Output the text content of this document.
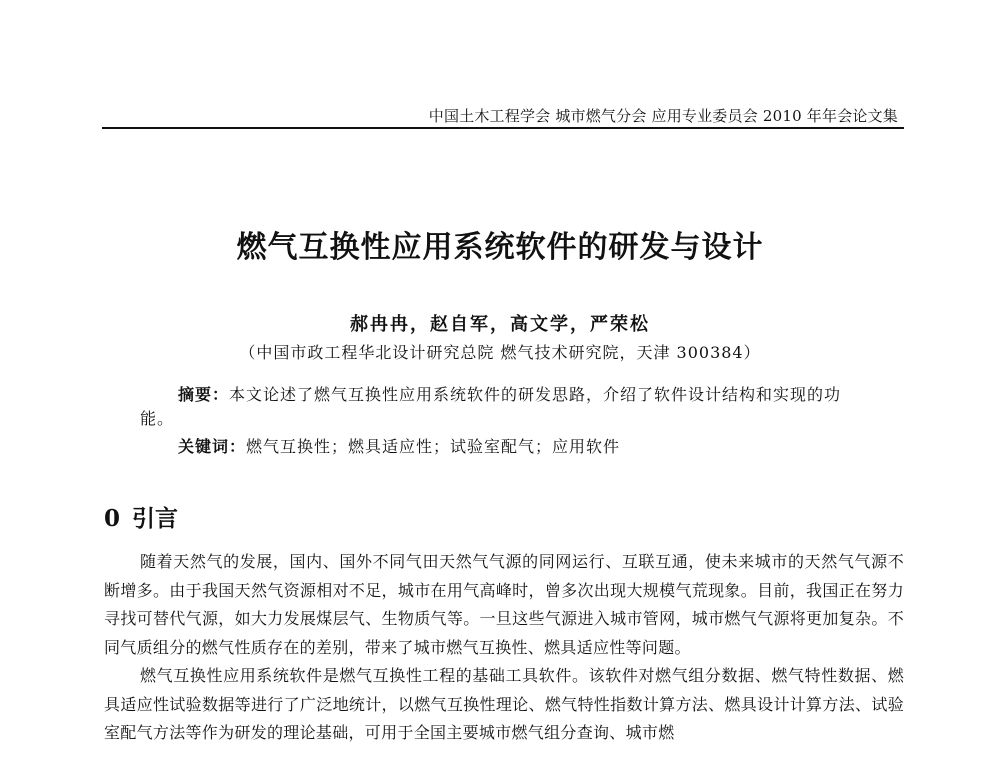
中国土木工程学会 城市燃气分会 应用专业委员会 2010 年年会论文集
燃气互换性应用系统软件的研发与设计
郝冉冉，赵自军，高文学，严荣松
（中国市政工程华北设计研究总院 燃气技术研究院，天津 300384）
摘要：本文论述了燃气互换性应用系统软件的研发思路，介绍了软件设计结构和实现的功能。
关键词：燃气互换性；燃具适应性；试验室配气；应用软件
0 引言

随着天然气的发展，国内、国外不同气田天然气气源的同网运行、互联互通，使未来城市的天然气气源不断增多。由于我国天然气资源相对不足，城市在用气高峰时，曾多次出现大规模气荒现象。目前，我国正在努力寻找可替代气源，如大力发展煤层气、生物质气等。一旦这些气源进入城市管网，城市燃气气源将更加复杂。不同气质组分的燃气性质存在的差别，带来了城市燃气互换性、燃具适应性等问题。

燃气互换性应用系统软件是燃气互换性工程的基础工具软件。该软件对燃气组分数据、燃气特性数据、燃具适应性试验数据等进行了广泛地统计，以燃气互换性理论、燃气特性指数计算方法、燃具设计计算方法、试验室配气方法等作为研发的理论基础，可用于全国主要城市燃气组分查询、城市燃
